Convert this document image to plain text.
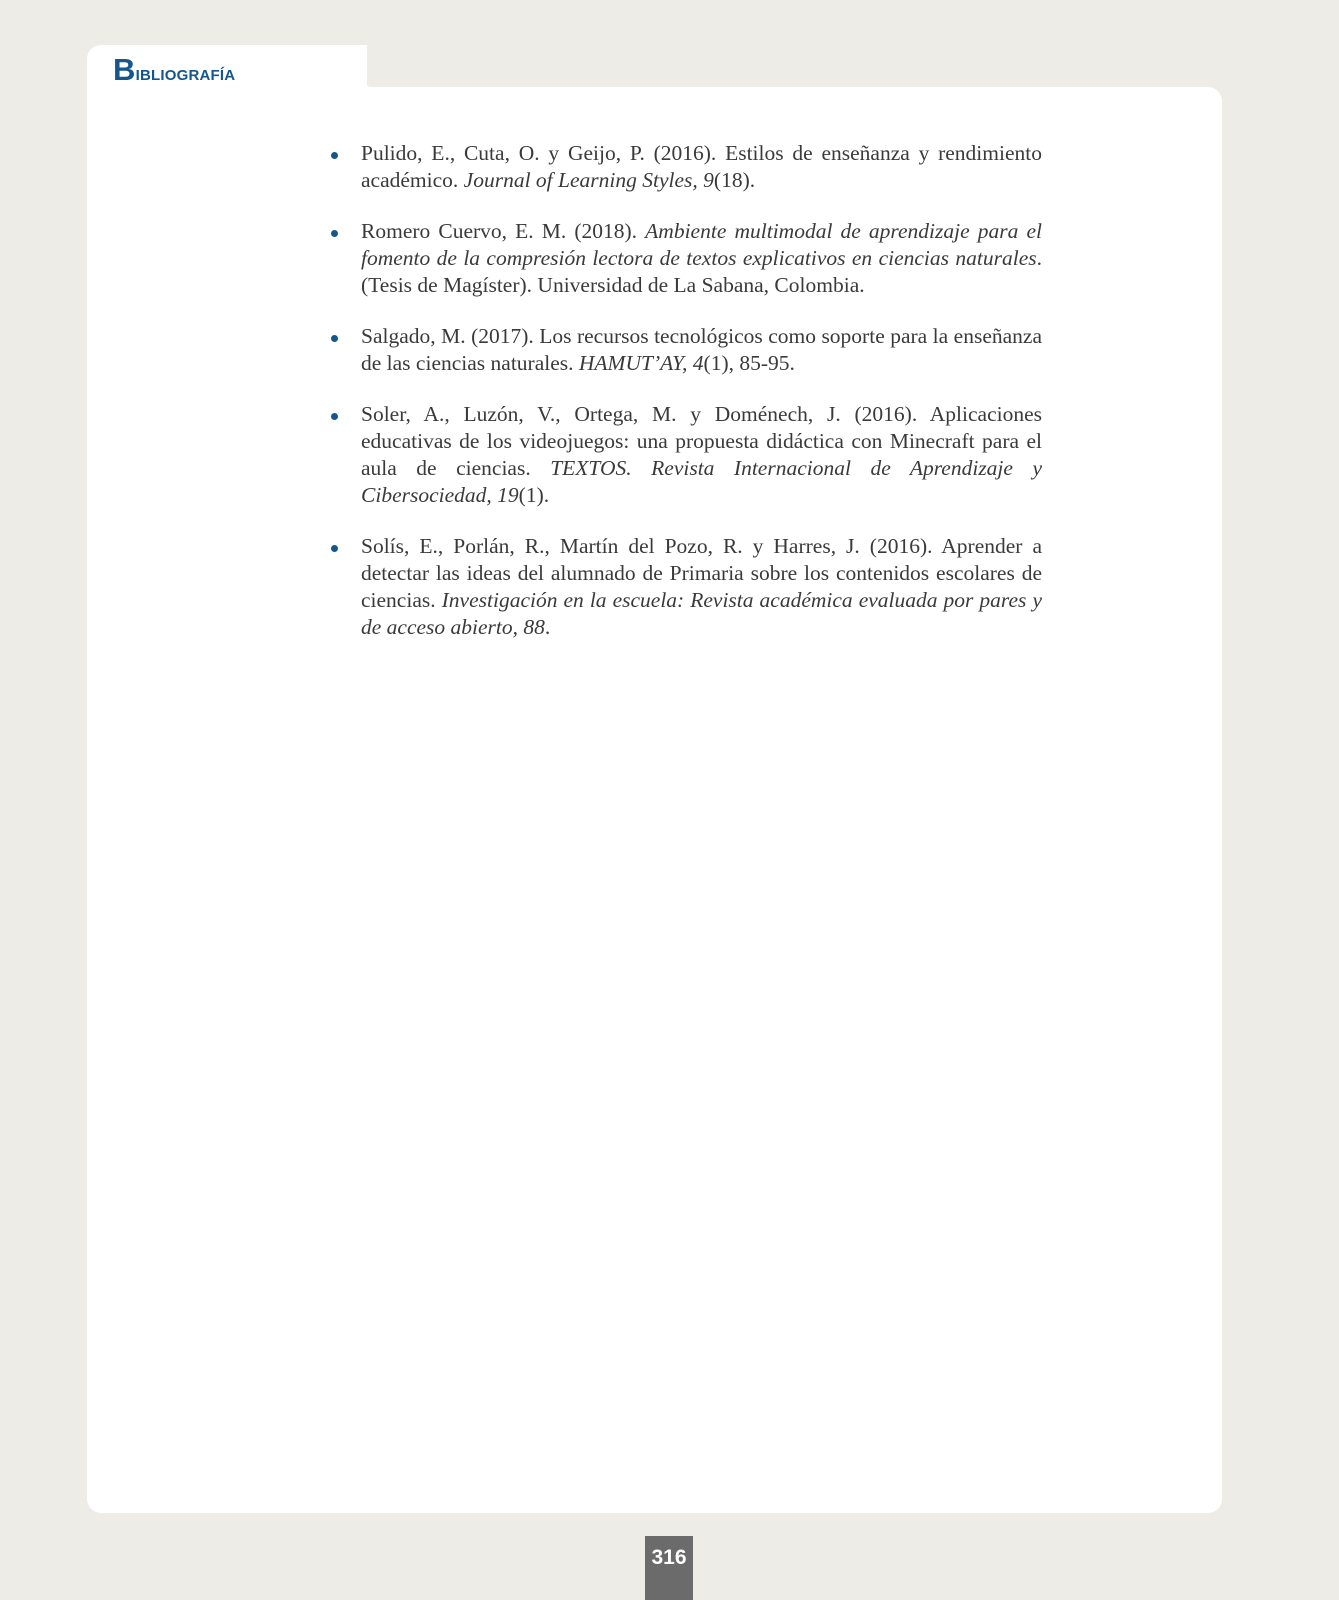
Bibliografía
Pulido, E., Cuta, O. y Geijo, P. (2016). Estilos de enseñanza y rendimiento académico. Journal of Learning Styles, 9(18).
Romero Cuervo, E. M. (2018). Ambiente multimodal de aprendizaje para el fomento de la compresión lectora de textos explicativos en ciencias naturales. (Tesis de Magíster). Universidad de La Sabana, Colombia.
Salgado, M. (2017). Los recursos tecnológicos como soporte para la enseñanza de las ciencias naturales. HAMUT’AY, 4(1), 85-95.
Soler, A., Luzón, V., Ortega, M. y Doménech, J. (2016). Aplicaciones educativas de los videojuegos: una propuesta didáctica con Minecraft para el aula de ciencias. TEXTOS. Revista Internacional de Aprendizaje y Cibersociedad, 19(1).
Solís, E., Porlán, R., Martín del Pozo, R. y Harres, J. (2016). Aprender a detectar las ideas del alumnado de Primaria sobre los contenidos escolares de ciencias. Investigación en la escuela: Revista académica evaluada por pares y de acceso abierto, 88.
316
